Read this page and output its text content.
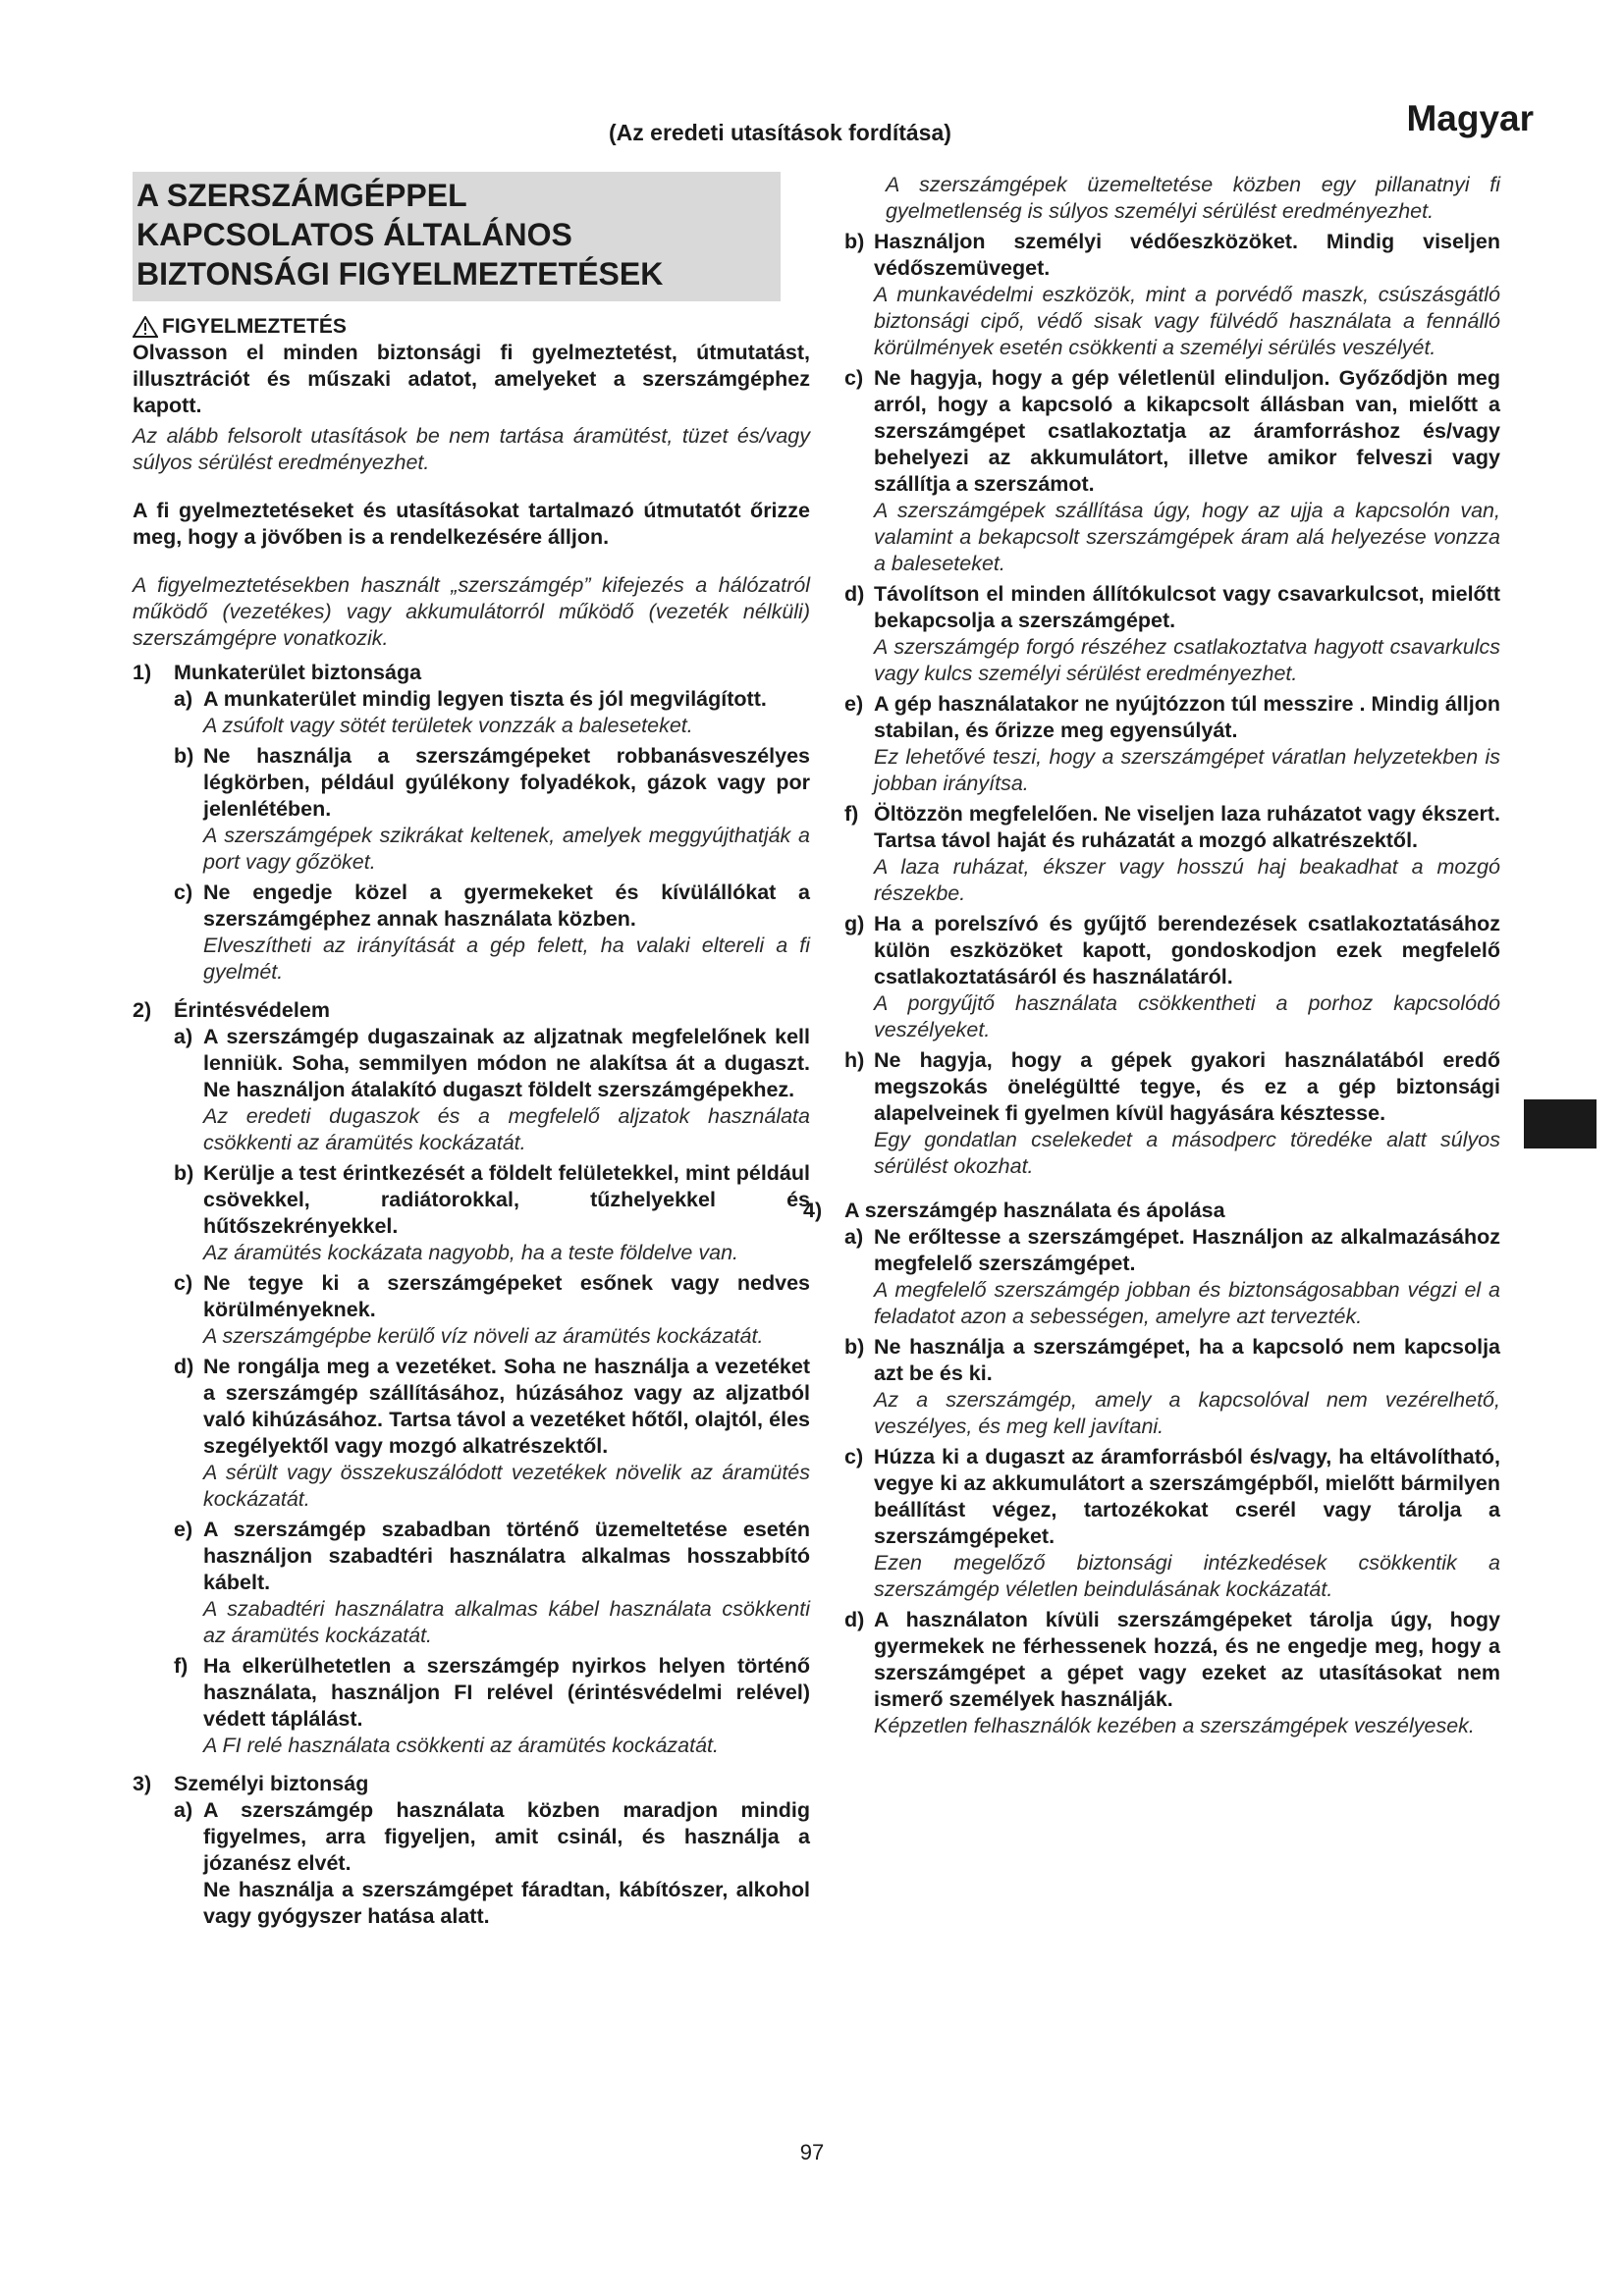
(Az eredeti utasítások fordítása)	Magyar
A SZERSZÁMGÉPPEL
KAPCSOLATOS ÁLTALÁNOS
BIZTONSÁGI FIGYELMEZTETÉSEK
FIGYELMEZTETÉS

Olvasson el minden biztonsági fi gyelmeztetést, útmutatást, illusztrációt és műszaki adatot, amelyeket a szerszámgéphez kapott.

Az alább felsorolt utasítások be nem tartása áramütést, tüzet és/vagy súlyos sérülést eredményezhet.

A fi gyelmeztetéseket és utasításokat tartalmazó útmutatót őrizze meg, hogy a jövőben is a rendelkezésére álljon.

A figyelmeztetésekben használt „szerszámgép” kifejezés a hálózatról működő (vezetékes) vagy akkumulátorról működő (vezeték nélküli) szerszámgépre vonatkozik.

1)	Munkaterület biztonsága
a) A munkaterület mindig legyen tiszta és jól megvilágított.

A zsúfolt vagy sötét területek vonzzák a baleseteket.

b) Ne használja a szerszámgépeket robbanásveszélyes légkörben, például gyúlékony folyadékok, gázok vagy por jelenlétében.

A szerszámgépek szikrákat keltenek, amelyek meggyújthatják a port vagy gőzöket.

c) Ne engedje közel a gyermekeket és kívülállókat a szerszámgéphez annak használata közben.

Elveszítheti az irányítását a gép felett, ha valaki eltereli a fi gyelmét.

2)	Érintésvédelem
a) A szerszámgép dugaszainak az aljzatnak megfelelőnek kell lenniük. Soha, semmilyen módon ne alakítsa át a dugaszt. Ne használjon átalakító dugaszt földelt szerszámgépekhez.

Az eredeti dugaszok és a megfelelő aljzatok használata csökkenti az áramütés kockázatát.

b) Kerülje a test érintkezését a földelt felületekkel, mint például csövekkel, radiátorokkal, tűzhelyekkel és hűtőszekrényekkel.

Az áramütés kockázata nagyobb, ha a teste földelve van.

c) Ne tegye ki a szerszámgépeket esőnek vagy nedves körülményeknek.

A szerszámgépbe kerülő víz növeli az áramütés kockázatát.

d) Ne rongálja meg a vezetéket. Soha ne használja a vezetéket a szerszámgép szállításához, húzásához vagy az aljzatból való kihúzásához. Tartsa távol a vezetéket hőtől, olajtól, éles szegélyektől vagy mozgó alkatrészektől.

A sérült vagy összekuszálódott vezetékek növelik az áramütés kockázatát.

e) A szerszámgép szabadban történő üzemeltetése esetén használjon szabadtéri használatra alkalmas hosszabbító kábelt.

A szabadtéri használatra alkalmas kábel használata csökkenti az áramütés kockázatát.

f) Ha elkerülhetetlen a szerszámgép nyirkos helyen történő használata, használjon FI relével (érintésvédelmi relével) védett táplálást.

A FI relé használata csökkenti az áramütés kockázatát.

3)	Személyi biztonság
a) A szerszámgép használata közben maradjon mindig figyelmes, arra figyeljen, amit csinál, és használja a józanész elvét.

Ne használja a szerszámgépet fáradtan, kábítószer, alkohol vagy gyógyszer hatása alatt.

A szerszámgépek üzemeltetése közben egy pillanatnyi fi gyelmetlenség is súlyos személyi sérülést eredményezhet.

b) Használjon személyi védőeszközöket. Mindig viseljen védőszemüveget.

A munkavédelmi eszközök, mint a porvédő maszk, csúszásgátló biztonsági cipő, védő sisak vagy fülvédő használata a fennálló körülmények esetén csökkenti a személyi sérülés veszélyét.

c) Ne hagyja, hogy a gép véletlenül elinduljon. Győződjön meg arról, hogy a kapcsoló a kikapcsolt állásban van, mielőtt a szerszámgépet csatlakoztatja az áramforráshoz és/vagy behelyezi az akkumulátort, illetve amikor felveszi vagy szállítja a szerszámot.

A szerszámgépek szállítása úgy, hogy az ujja a kapcsolón van, valamint a bekapcsolt szerszámgépek áram alá helyezése vonzza a baleseteket.

d) Távolítson el minden állítókulcsot vagy csavarkulcsot, mielőtt bekapcsolja a szerszámgépet.

A szerszámgép forgó részéhez csatlakoztatva hagyott csavarkulcs vagy kulcs személyi sérülést eredményezhet.

e) A gép használatakor ne nyújtózzon túl messzire . Mindig álljon stabilan, és őrizze meg egyensúlyát.

Ez lehetővé teszi, hogy a szerszámgépet váratlan helyzetekben is jobban irányítsa.

f) Öltözzön megfelelően. Ne viseljen laza ruházatot vagy ékszert. Tartsa távol haját és ruházatát a mozgó alkatrészektől.

A laza ruházat, ékszer vagy hosszú haj beakadhat a mozgó részekbe.

g) Ha a porelszívó és gyűjtő berendezések csatlakoztatásához külön eszközöket kapott, gondoskodjon ezek megfelelő csatlakoztatásáról és használatáról.

A porgyűjtő használata csökkentheti a porhoz kapcsolódó veszélyeket.

h) Ne hagyja, hogy a gépek gyakori használatából eredő megszokás önelégültté tegye, és ez a gép biztonsági alapelveinek fi gyelmen kívül hagyására késztesse.

Egy gondatlan cselekedet a másodperc töredéke alatt súlyos sérülést okozhat.

4)	A szerszámgép használata és ápolása
a) Ne erőltesse a szerszámgépet. Használjon az alkalmazásához megfelelő szerszámgépet.

A megfelelő szerszámgép jobban és biztonságosabban végzi el a feladatot azon a sebességen, amelyre azt tervezték.

b) Ne használja a szerszámgépet, ha a kapcsoló nem kapcsolja azt be és ki.

Az a szerszámgép, amely a kapcsolóval nem vezérelhető, veszélyes, és meg kell javítani.

c) Húzza ki a dugaszt az áramforrásból és/vagy, ha eltávolítható, vegye ki az akkumulátort a szerszámgépből, mielőtt bármilyen beállítást végez, tartozékokat cserél vagy tárolja a szerszámgépeket.

Ezen megelőző biztonsági intézkedések csökkentik a szerszámgép véletlen beindulásának kockázatát.

d) A használaton kívüli szerszámgépeket tárolja úgy, hogy gyermekek ne férhessenek hozzá, és ne engedje meg, hogy a szerszámgépet a gépet vagy ezeket az utasításokat nem ismerő személyek használják.

Képzetlen felhasználók kezében a szerszámgépek veszélyesek.

97
